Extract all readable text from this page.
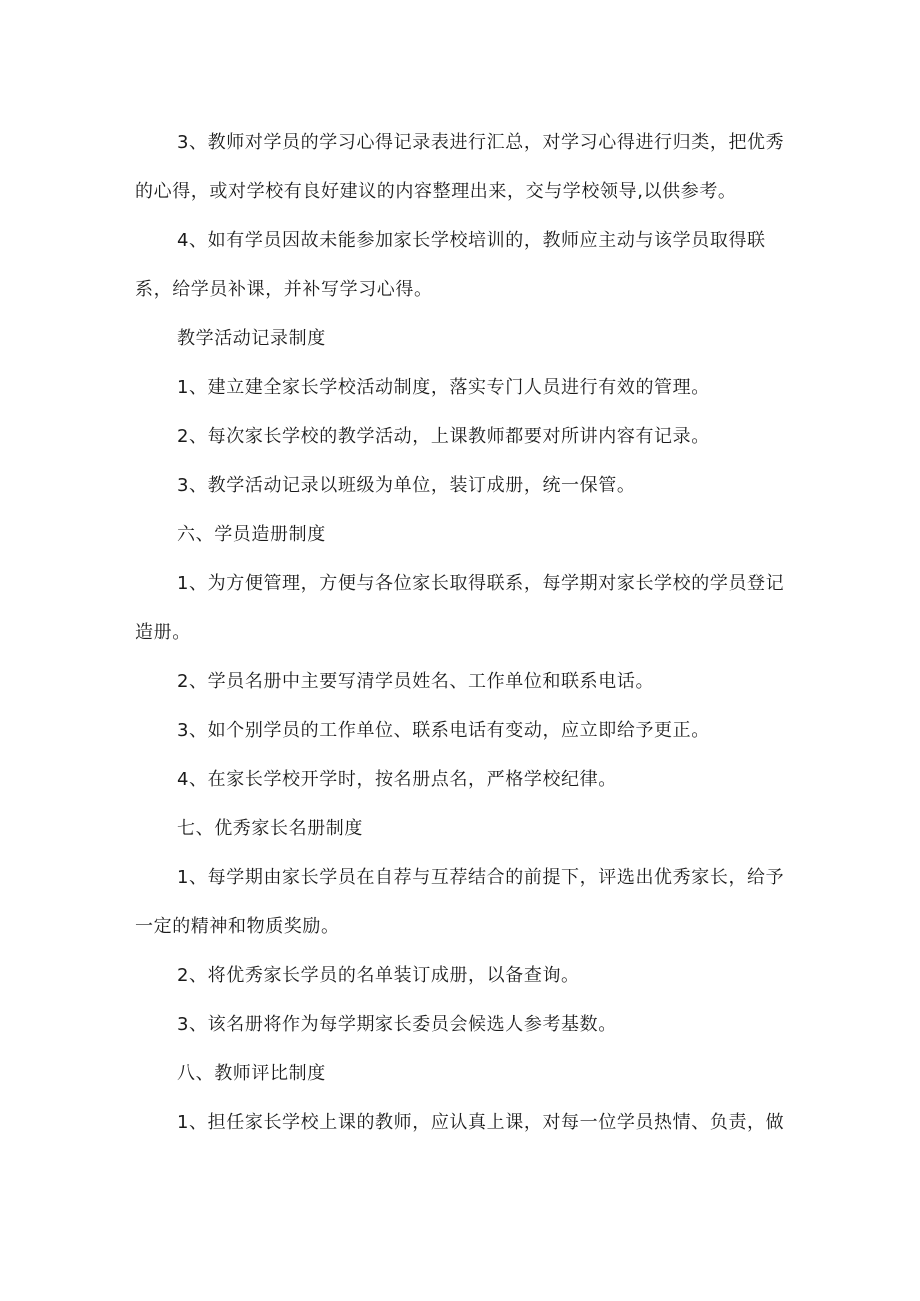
3、教师对学员的学习心得记录表进行汇总，对学习心得进行归类，把优秀的心得，或对学校有良好建议的内容整理出来，交与学校领导,以供参考。

4、如有学员因故未能参加家长学校培训的，教师应主动与该学员取得联系，给学员补课，并补写学习心得。

教学活动记录制度

1、建立建全家长学校活动制度，落实专门人员进行有效的管理。

2、每次家长学校的教学活动，上课教师都要对所讲内容有记录。

3、教学活动记录以班级为单位，装订成册，统一保管。

六、学员造册制度

1、为方便管理，方便与各位家长取得联系，每学期对家长学校的学员登记造册。

2、学员名册中主要写清学员姓名、工作单位和联系电话。

3、如个别学员的工作单位、联系电话有变动，应立即给予更正。

4、在家长学校开学时，按名册点名，严格学校纪律。

七、优秀家长名册制度

1、每学期由家长学员在自荐与互荐结合的前提下，评选出优秀家长，给予一定的精神和物质奖励。

2、将优秀家长学员的名单装订成册，以备查询。

3、该名册将作为每学期家长委员会候选人参考基数。

八、教师评比制度

1、担任家长学校上课的教师，应认真上课，对每一位学员热情、负责，做
